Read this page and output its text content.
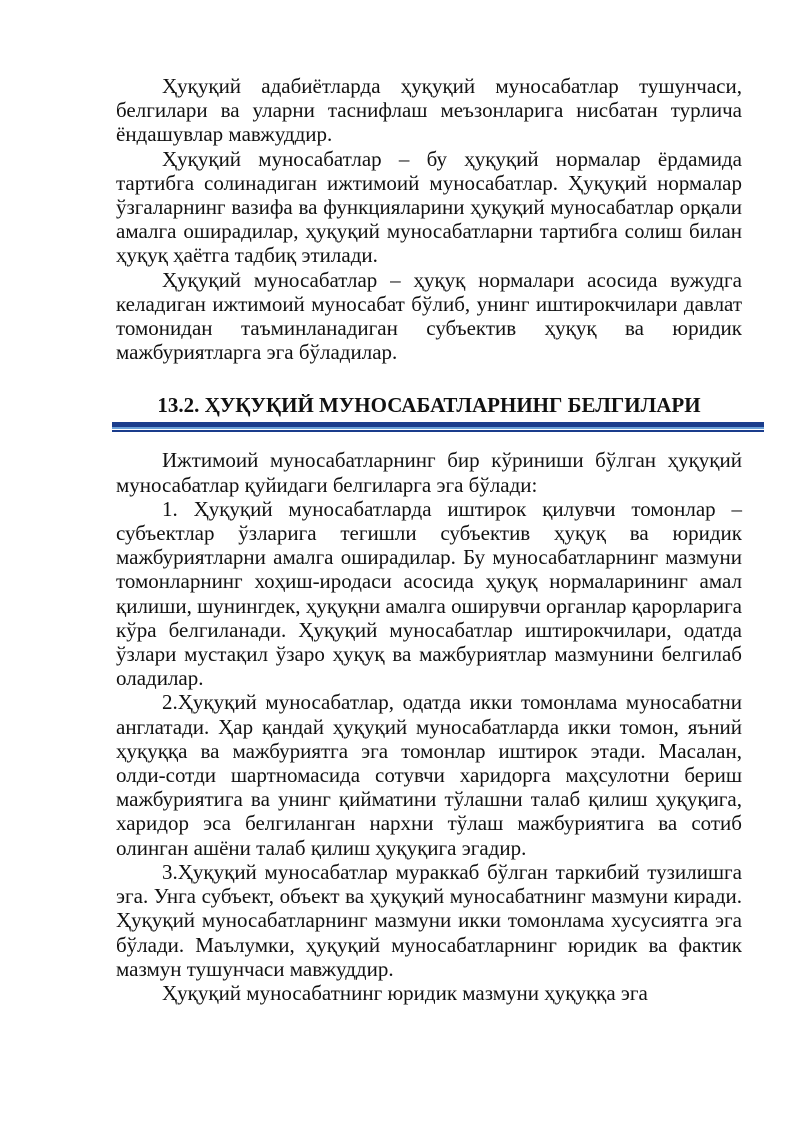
Ҳуқуқий адабиётларда ҳуқуқий муносабатлар тушунчаси, белгилари ва уларни таснифлаш меъзонларига нисбатан турлича ёндашувлар мавжуддир.

Ҳуқуқий муносабатлар – бу ҳуқуқий нормалар ёрдамида тартибга солинадиган ижтимоий муносабатлар. Ҳуқуқий нормалар ўзгаларнинг вазифа ва функцияларини ҳуқуқий муносабатлар орқали амалга оширадилар, ҳуқуқий муносабатларни тартибга солиш билан ҳуқуқ ҳаётга тадбиқ этилади.

Ҳуқуқий муносабатлар – ҳуқуқ нормалари асосида вужудга келадиган ижтимоий муносабат бўлиб, унинг иштирокчилари давлат томонидан таъминланадиган субъектив ҳуқуқ ва юридик мажбуриятларга эга бўладилар.

13.2. ҲУҚУҚИЙ МУНОСАБАТЛАРНИНГ БЕЛГИЛАРИ

Ижтимоий муносабатларнинг бир кўриниши бўлган ҳуқуқий муносабатлар қуйидаги белгиларга эга бўлади:

1. Ҳуқуқий муносабатларда иштирок қилувчи томонлар – субъектлар ўзларига тегишли субъектив ҳуқуқ ва юридик мажбуриятларни амалга оширадилар. Бу муносабатларнинг мазмуни томонларнинг хоҳиш-иродаси асосида ҳуқуқ нормаларининг амал қилиши, шунингдек, ҳуқуқни амалга оширувчи органлар қарорларига кўра белгиланади. Ҳуқуқий муносабатлар иштирокчилари, одатда ўзлари мустақил ўзаро ҳуқуқ ва мажбуриятлар мазмунини белгилаб оладилар.

2.Ҳуқуқий муносабатлар, одатда икки томонлама муносабатни англатади. Ҳар қандай ҳуқуқий муносабатларда икки томон, яъний ҳуқуққа ва мажбуриятга эга томонлар иштирок этади. Масалан, олди-сотди шартномасида сотувчи харидорга маҳсулотни бериш мажбуриятига ва унинг қийматини тўлашни талаб қилиш ҳуқуқига, харидор эса белгиланган нархни тўлаш мажбуриятига ва сотиб олинган ашёни талаб қилиш ҳуқуқига эгадир.

3.Ҳуқуқий муносабатлар мураккаб бўлган таркибий тузилишга эга. Унга субъект, объект ва ҳуқуқий муносабатнинг мазмуни киради. Ҳуқуқий муносабатларнинг мазмуни икки томонлама хусусиятга эга бўлади. Маълумки, ҳуқуқий муносабатларнинг юридик ва фактик мазмун тушунчаси мавжуддир.

Ҳуқуқий муносабатнинг юридик мазмуни ҳуқуққа эга
